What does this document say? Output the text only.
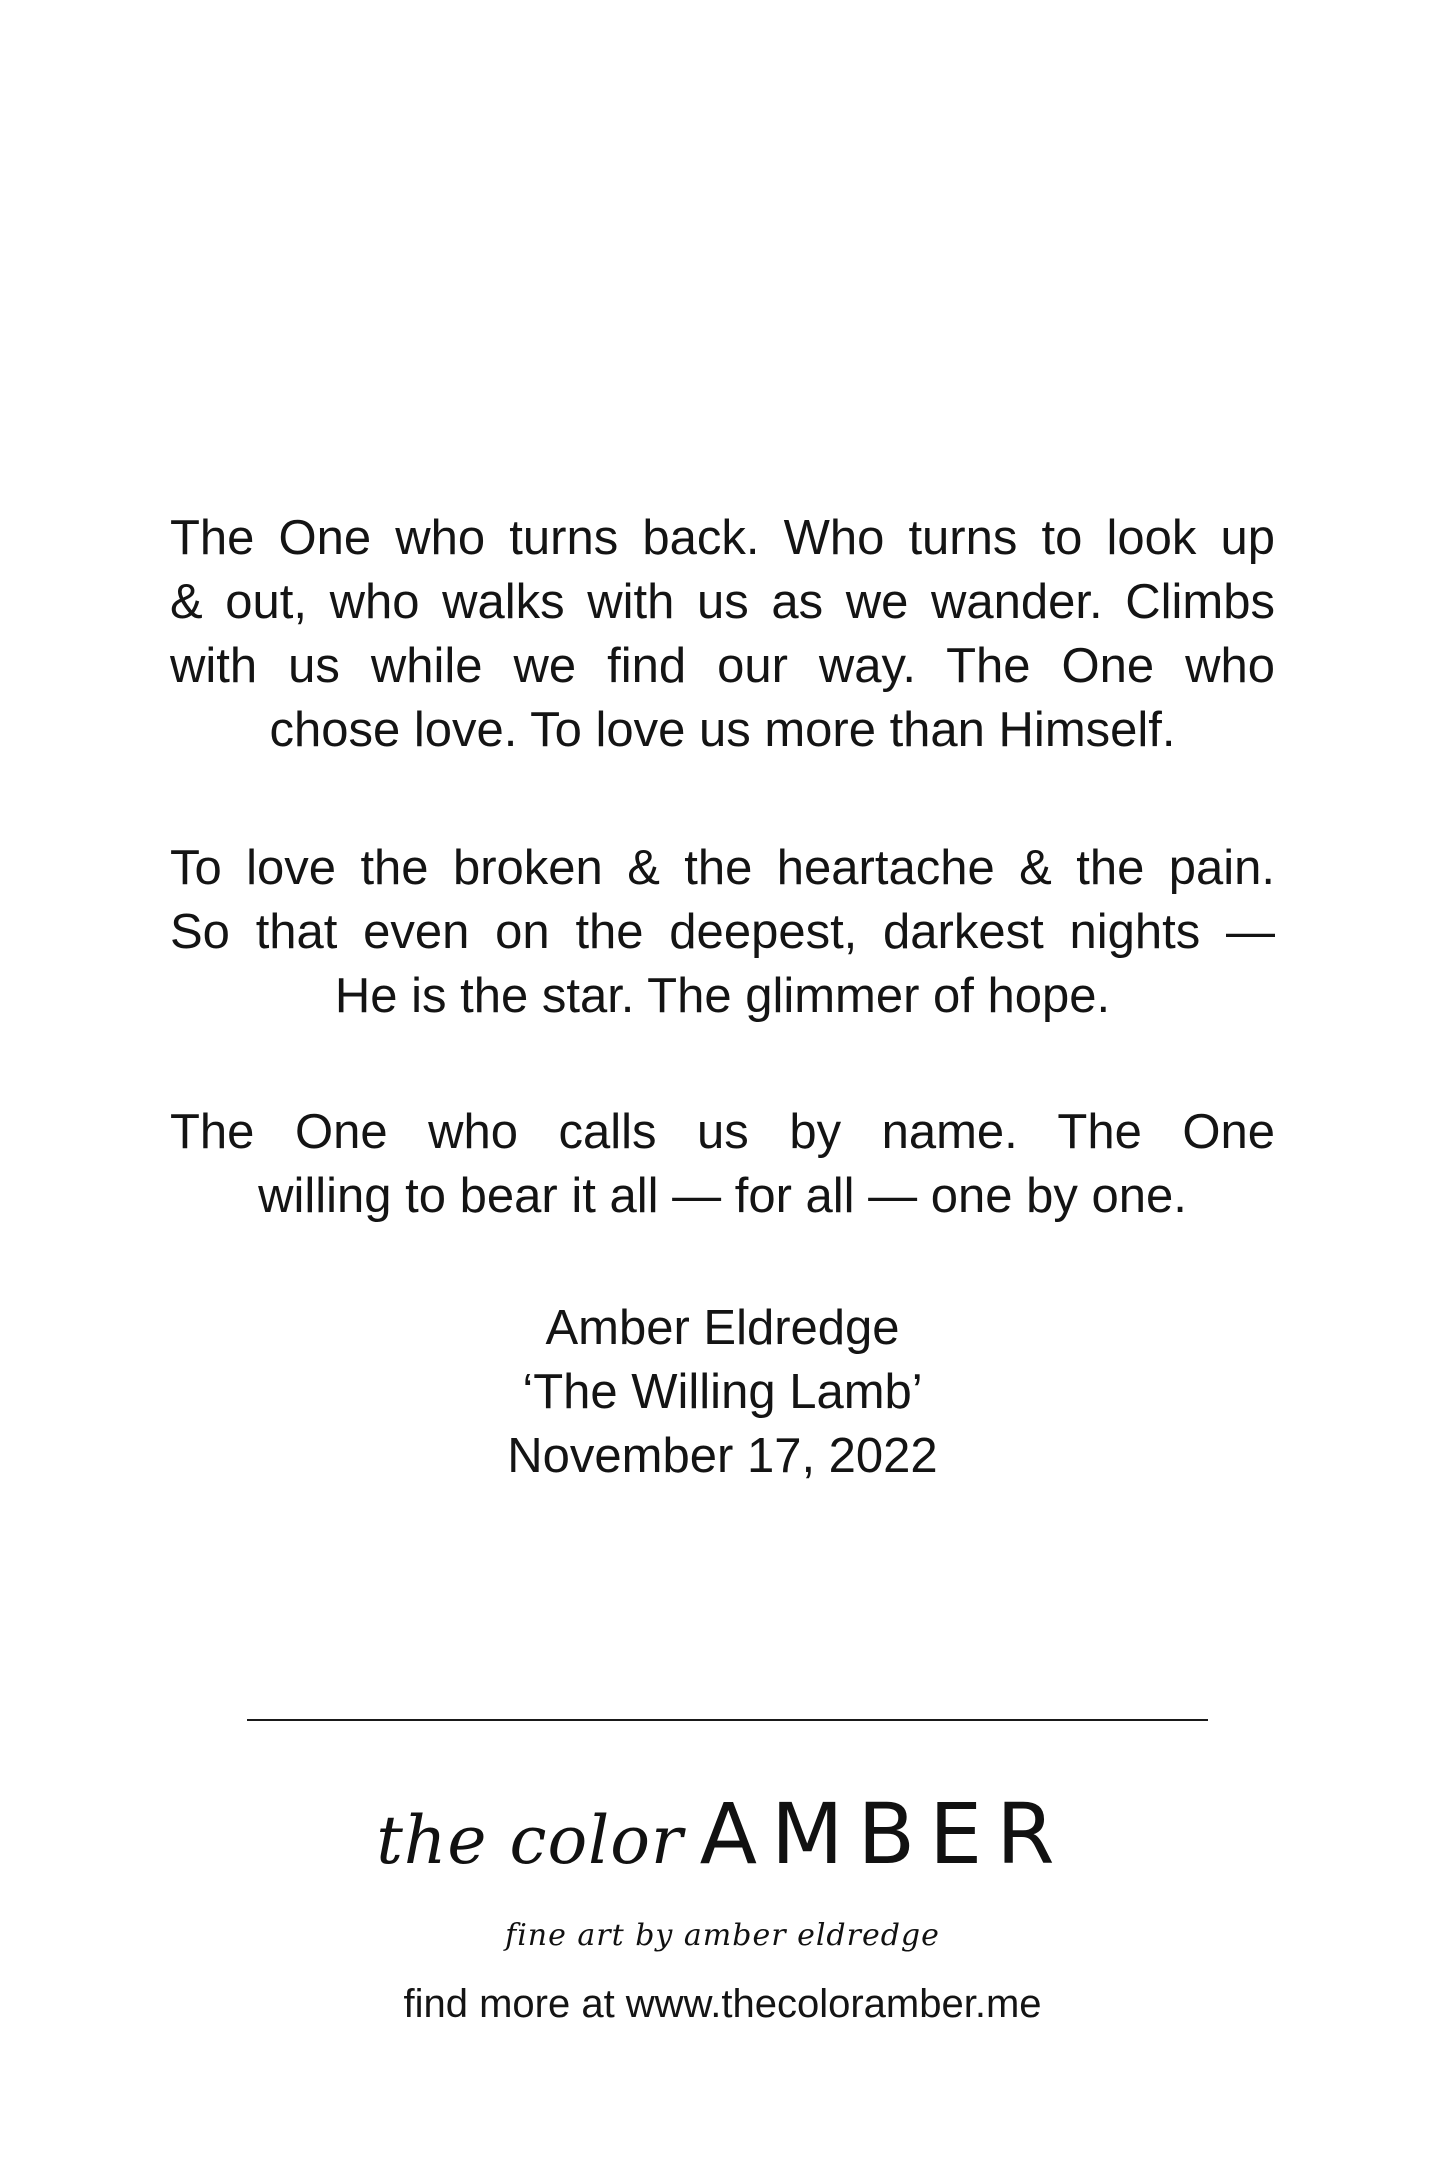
The One who turns back. Who turns to look up
& out, who walks with us as we wander. Climbs
with us while we find our way. The One who
chose love. To love us more than Himself.
To love the broken & the heartache & the pain.
So that even on the deepest, darkest nights —
He is the star. The glimmer of hope.
The One who calls us by name. The One
willing to bear it all — for all — one by one.
Amber Eldredge
‘The Willing Lamb’
November 17, 2022
the color AMBER
fine art by amber eldredge
find more at www.thecoloramber.me
